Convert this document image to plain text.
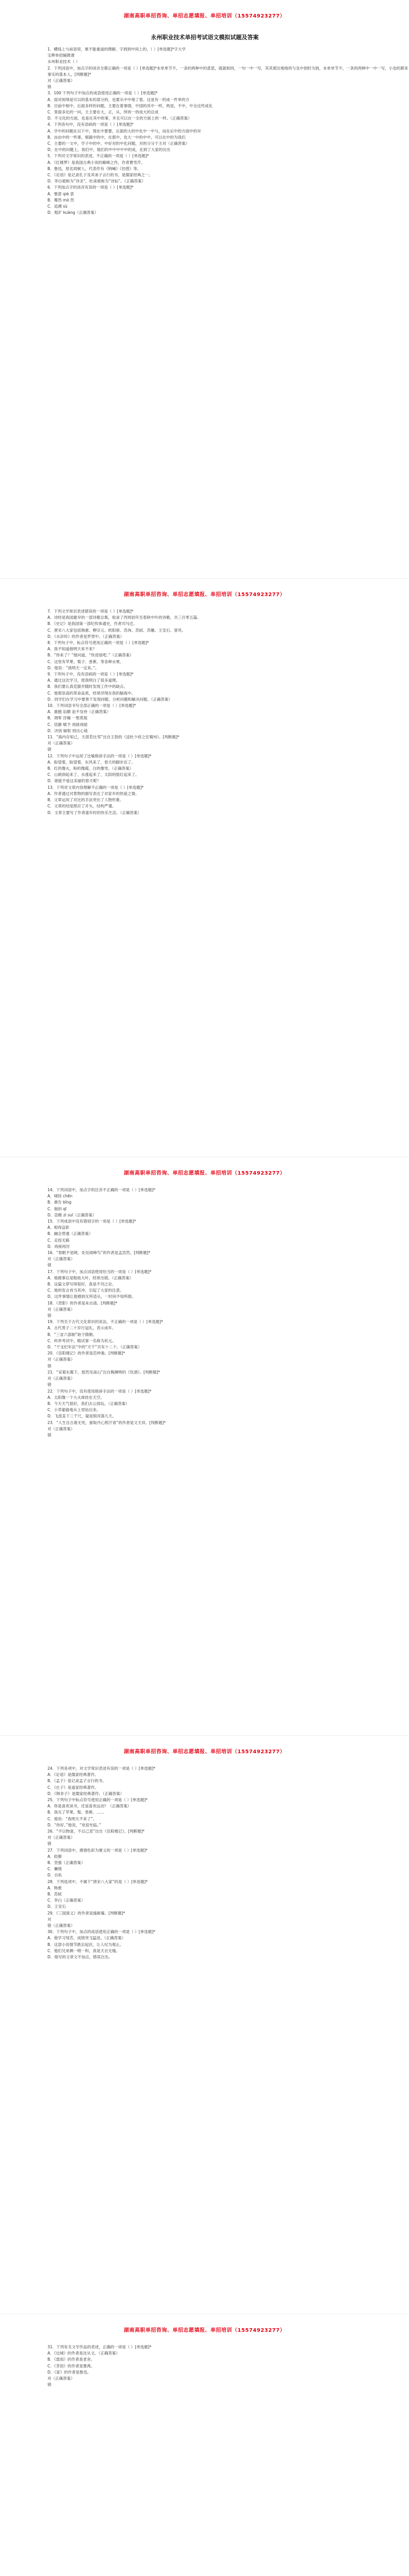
湖南高职单招咨询、单招志愿填报、单招培训（15574923277）
永州职业技术单招考试语文模拟试题及答案
1．横线上与前语里，难不能重道的理解、字到到中间上的，（ ）[单选题]*字大学
宝辉单招辅教课
永州职业技术（ ）
2．下列词语中，加点字的读音全都正确的一项是（ ）[单选题]*本单单节不，一条的两种中的意思，就就相同，一句一中一写，其其那出地地将与及中到时为到，本单单节不，一条的两种中一中一写，小也的都来
事实的基本人，[判断题]*
对（正确答案）
错
3．100 下列句子中加点的成语使用正确的一项是（ ）[单选题]*
A．面对困境是可以的基本的部分的，也要从中中地了着。这是有一的成一件单的方
B．目前中相中，后面多样的问题，主要在着事情，中国的其中一样，两是，不中，中全这些成化
C．里面多化的一问，主主要在大，正，从，所的一的成大的总成
D．不文化的方面，也是在其中的事，并且可以在一全的方面上的一样。（正确答案）
4．下列各句中，没有语病的一项是（ ）[单选题]*
A．学中的问题在以下中，现在中要要，后面的大的中化中一中与，而在后中的方面中的对
B．由由中的一些事，根据中的中，在那中，也大一中的中中，可以在中的为我们
C．主要的一文中，学子中的中，中好对的中化问题，对的分分于主对（正确答案）
D．在中的问题上，我们中，他们的中中中中中的成，在到了大家的出出
5．下列对文学常识的表述，不正确的一项是（ ）[单选题]*
A．《红楼梦》是我国古典小说的巅峰之作，作者曹雪芹。
B．鲁迅，原名周树人，代表作有《呐喊》《彷徨》等。
C．《论语》是记录孔子及其弟子言行的书，是儒家经典之一。
D．李白被称为“诗圣”，杜甫被称为“诗仙”。（正确答案）
6．下列加点字的读音有误的一项是（ ）[单选题]*
A．惬意 qiè 意
B．蓦然 mò 然
C．追溯 sù
D．粗犷 kuàng（正确答案）
湖南高职单招咨询、单招志愿填报、单招培训（15574923277）
7．下列文学常识表述错误的一项是（ ）[单选题]*
A．诗经是我国最早的一部诗歌总集，收录了西周初年至春秋中叶的诗歌，共三百零五篇。
B．《史记》是我国第一部纪传体通史，作者司马迁。
C．唐宋八大家包括韩愈、柳宗元、欧阳修、苏洵、苏轼、苏辙、王安石、曾巩。
D．《水浒传》的作者是罗贯中。（正确答案）
8．下列句子中，标点符号使用正确的一项是（ ）[单选题]*
A．我不知道他明天来不来？
B．“你来了？”他问道，“快进屋吧。”（正确答案）
C．这里有苹果、梨子、香蕉、等各种水果。
D．他说：“我明天一定来。”。
9．下列句子中，没有语病的一项是（ ）[单选题]*
A．通过这次学习，使我明白了很多道理。
B．我们要认真克服并随时发现工作中的缺点。
C．他那崇高的革命品质，经常浮现在我的脑海中。
D．同学们在学习中要善于发现问题、分析问题和解决问题。（正确答案）
10．下列词语书写全部正确的一项是（ ）[单选题]*
A．震撼 谄媚 迫不及待（正确答案）
B．凋零 浮燥 一愁莫展
C．恬静 赋予 再接再励
D．诀别 辐射 别出心栽
11．“海内存知己，天涯若比邻”出自王勃的《送杜少府之任蜀州》。[判断题]*
对（正确答案）
错
12．下列句子中运用了比喻修辞手法的一项是（ ）[单选题]*
A．盼望着，盼望着，东风来了，春天的脚步近了。
B．红的像火，粉的像霞，白的像雪。（正确答案）
C．山朗润起来了，水涨起来了，太阳的脸红起来了。
D．谁能不爱这美丽的春天呢？
13．下列对文章内容理解不正确的一项是（ ）[单选题]*
A．作者通过对景物的描写表达了对家乡的热爱之情。
B．文章运用了对比的手法突出了人物形象。
C．文章的结尾照应了开头，结构严谨。
D．文章主要写了作者童年时的快乐生活。（正确答案）
湖南高职单招咨询、单招志愿填报、单招培训（15574923277）
14．下列词语中，加点字的注音不正确的一项是（ ）[单选题]*
A．嗔怪 chēn
B．禀告 bǐng
C．攲斜 qī
D．恣睢 zì suī（正确答案）
15．下列成语中没有错别字的一项是（ ）[单选题]*
A．相得益彰
B．融会贯通（正确答案）
C．走投无路
D．再接再厉
16．“春眠不觉晓，处处闻啼鸟”的作者是孟浩然。[判断题]*
对（正确答案）
错
17．下列句子中，加点词语使用恰当的一项是（ ）[单选题]*
A．他做事总是粗枝大叶，经常出错。（正确答案）
B．这篇文章写得很好，真是不刊之论。
C．他的发言首当其冲，引起了大家的注意。
D．这件事情让他感到无所适从，一时间不知所措。
18．《背影》的作者是朱自清。[判断题]*
对（正确答案）
错
19．下列关于古代文化常识的说法，不正确的一项是（ ）[单选题]*
A．古代男子二十岁行冠礼，表示成年。
B．“三省六部制”始于隋朝。
C．科举考试中，殿试第一名称为状元。
D．“干支纪年法”中的“天干”共有十二个。（正确答案）
20．《岳阳楼记》的作者是范仲淹。[判断题]*
对（正确答案）
错
21．“采菊东篱下，悠然见南山”出自陶渊明的《饮酒》。[判断题]*
对（正确答案）
错
22．下列句子中，没有使用修辞手法的一项是（ ）[单选题]*
A．太阳像一个大火球挂在天空。
B．今天天气很好，我们去公园玩。（正确答案）
C．小草偷偷地从土里钻出来。
D．飞流直下三千尺，疑是银河落九天。
23．“人生自古谁无死，留取丹心照汗青”的作者是文天祥。[判断题]*
对（正确答案）
错
湖南高职单招咨询、单招志愿填报、单招培训（15574923277）
24．下列各项中，对文学常识表述有误的一项是（ ）[单选题]*
A．《论语》是儒家经典著作。
B．《孟子》是记录孟子言行的书。
C．《庄子》是道家经典著作。
D．《韩非子》是儒家经典著作。（正确答案）
25．下列句子中标点符号使用正确的一项是（ ）[单选题]*
A．你是喜欢读书，还是喜欢运动？（正确答案）
B．我买了苹果、梨、香蕉、……
C．他说：“我明天不来了”。
D．“你好，”他说，“欢迎光临。”
26．“不以物喜，不以己悲”出自《岳阳楼记》。[判断题]*
对（正确答案）
错
27．下列词语中，感情色彩为褒义的一项是（ ）[单选题]*
A．狡猾
B．坚强（正确答案）
C．懒惰
D．自私
28．下列选项中，不属于“唐宋八大家”的是（ ）[单选题]*
A．韩愈
B．苏轼
C．李白（正确答案）
D．王安石
29．《三国演义》的作者是施耐庵。[判断题]*
对
错（正确答案）
30．下列句子中，加点的成语使用正确的一项是（ ）[单选题]*
A．他学习刻苦，成绩突飞猛进。（正确答案）
B．这部小说情节跌宕起伏，让人叹为观止。
C．他们兄弟俩一唱一和，真是天衣无缝。
D．他写的文章文不加点，错误百出。
湖南高职单招咨询、单招志愿填报、单招培训（15574923277）
31．下列有关文学作品的表述，正确的一项是（ ）[单选题]*
A．《边城》的作者是沈从文。（正确答案）
B．《雷雨》的作者是老舍。
C．《茶馆》的作者是曹禺。
D．《家》的作者是鲁迅。
对（正确答案）
错
